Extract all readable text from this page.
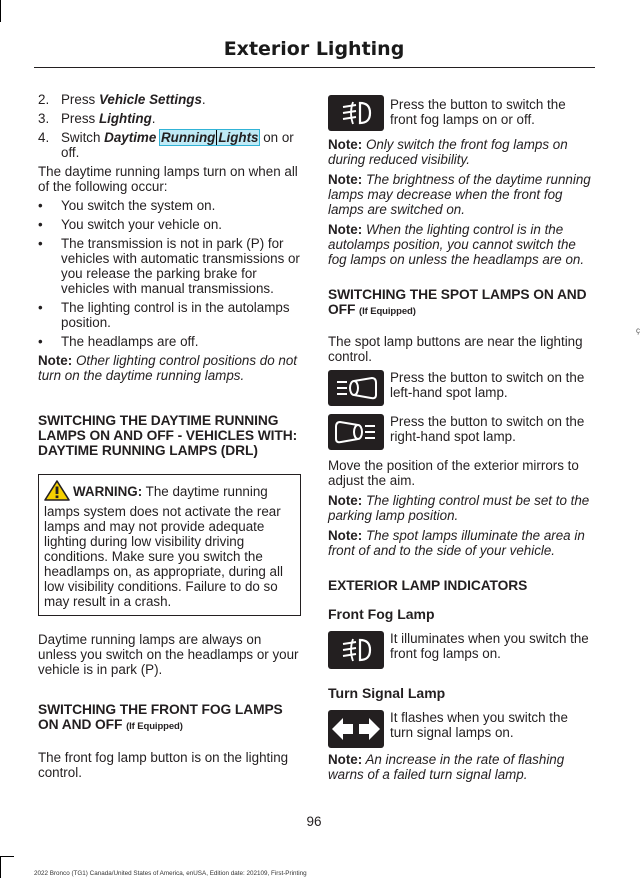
Exterior Lighting
2. Press Vehicle Settings.
3. Press Lighting.
4. Switch Daytime Running Lights on or off.

The daytime running lamps turn on when all of the following occur:

• You switch the system on.
• You switch your vehicle on.
• The transmission is not in park (P) for vehicles with automatic transmissions or you release the parking brake for vehicles with manual transmissions.
• The lighting control is in the autolamps position.
• The headlamps are off.

Note: Other lighting control positions do not turn on the daytime running lamps.

SWITCHING THE DAYTIME RUNNING LAMPS ON AND OFF - VEHICLES WITH: DAYTIME RUNNING LAMPS (DRL)
WARNING: The daytime running lamps system does not activate the rear lamps and may not provide adequate lighting during low visibility driving conditions. Make sure you switch the headlamps on, as appropriate, during all low visibility conditions. Failure to do so may result in a crash.

Daytime running lamps are always on unless you switch on the headlamps or your vehicle is in park (P).

SWITCHING THE FRONT FOG LAMPS ON AND OFF (If Equipped)

The front fog lamp button is on the lighting control.

Press the button to switch the front fog lamps on or off.

Note: Only switch the front fog lamps on during reduced visibility.

Note: The brightness of the daytime running lamps may decrease when the front fog lamps are switched on.

Note: When the lighting control is in the autolamps position, you cannot switch the fog lamps on unless the headlamps are on.

SWITCHING THE SPOT LAMPS ON AND OFF (If Equipped)

The spot lamp buttons are near the lighting control.

Press the button to switch on the left-hand spot lamp.
Press the button to switch on the right-hand spot lamp.

Move the position of the exterior mirrors to adjust the aim.

Note: The lighting control must be set to the parking lamp position.

Note: The spot lamps illuminate the area in front of and to the side of your vehicle.

EXTERIOR LAMP INDICATORS
Front Fog Lamp
It illuminates when you switch the front fog lamps on.
Turn Signal Lamp
It flashes when you switch the turn signal lamps on.

Note: An increase in the rate of flashing warns of a failed turn signal lamp.

ç
96
2022 Bronco (TG1) Canada/United States of America, enUSA, Edition date: 202109, First-Printing
